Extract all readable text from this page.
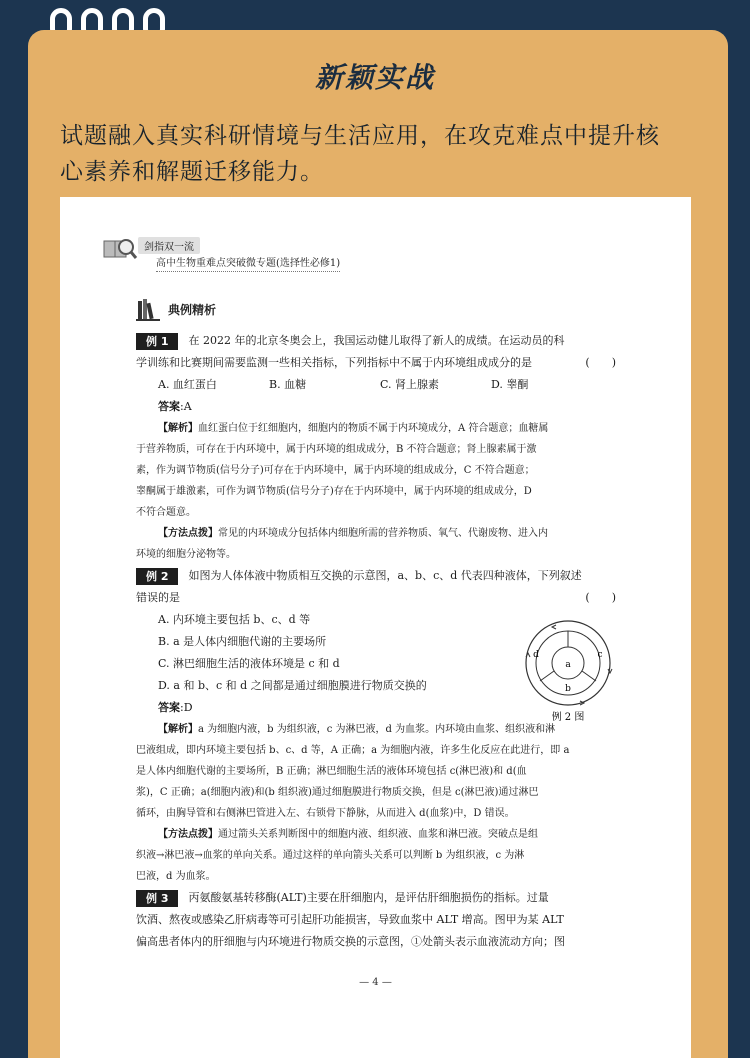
新颖实战
试题融入真实科研情境与生活应用，在攻克难点中提升核
心素养和解题迁移能力。
剑指双一流
高中生物重难点突破微专题(选择性必修1)
典例精析
例 1 在 2022 年的北京冬奥会上，我国运动健儿取得了新人的成绩。在运动员的科
学训练和比赛期间需要监测一些相关指标，下列指标中不属于内环境组成成分的是	(　　)
A. 血红蛋白	B. 血糖	C. 肾上腺素	D. 睾酮
答案:A
【解析】血红蛋白位于红细胞内，细胞内的物质不属于内环境成分，A 符合题意；血糖属
于营养物质，可存在于内环境中，属于内环境的组成成分，B 不符合题意；肾上腺素属于激
素，作为调节物质(信号分子)可存在于内环境中，属于内环境的组成成分，C 不符合题意；
睾酮属于雄激素，可作为调节物质(信号分子)存在于内环境中，属于内环境的组成成分，D
不符合题意。
【方法点拨】常见的内环境成分包括体内细胞所需的营养物质、氧气、代谢废物、进入内
环境的细胞分泌物等。
例 2 如图为人体体液中物质相互交换的示意图，a、b、c、d 代表四种液体，下列叙述
错误的是	(　　)
A. 内环境主要包括 b、c、d 等
B. a 是人体内细胞代谢的主要场所
C. 淋巴细胞生活的液体环境是 c 和 d
D. a 和 b、c 和 d 之间都是通过细胞膜进行物质交换的
答案:D
【解析】a 为细胞内液，b 为组织液，c 为淋巴液，d 为血浆。内环境由血浆、组织液和淋
巴液组成，即内环境主要包括 b、c、d 等，A 正确；a 为细胞内液，许多生化反应在此进行，即 a
是人体内细胞代谢的主要场所，B 正确；淋巴细胞生活的液体环境包括 c(淋巴液)和 d(血
浆)，C 正确；a(细胞内液)和(b 组织液)通过细胞膜进行物质交换，但是 c(淋巴液)通过淋巴
循环，由胸导管和右侧淋巴管进入左、右锁骨下静脉，从而进入 d(血浆)中，D 错误。
【方法点拨】通过箭头关系判断图中的细胞内液、组织液、血浆和淋巴液。突破点是组
织液→淋巴液→血浆的单向关系。通过这样的单向箭头关系可以判断 b 为组织液，c 为淋
巴液，d 为血浆。
例 3 丙氨酸氨基转移酶(ALT)主要在肝细胞内，是评估肝细胞损伤的指标。过量
饮酒、熬夜或感染乙肝病毒等可引起肝功能损害，导致血浆中 ALT 增高。图甲为某 ALT
偏高患者体内的肝细胞与内环境进行物质交换的示意图，①处箭头表示血液流动方向；图
a
b
c
d
例 2 图
— 4 —
